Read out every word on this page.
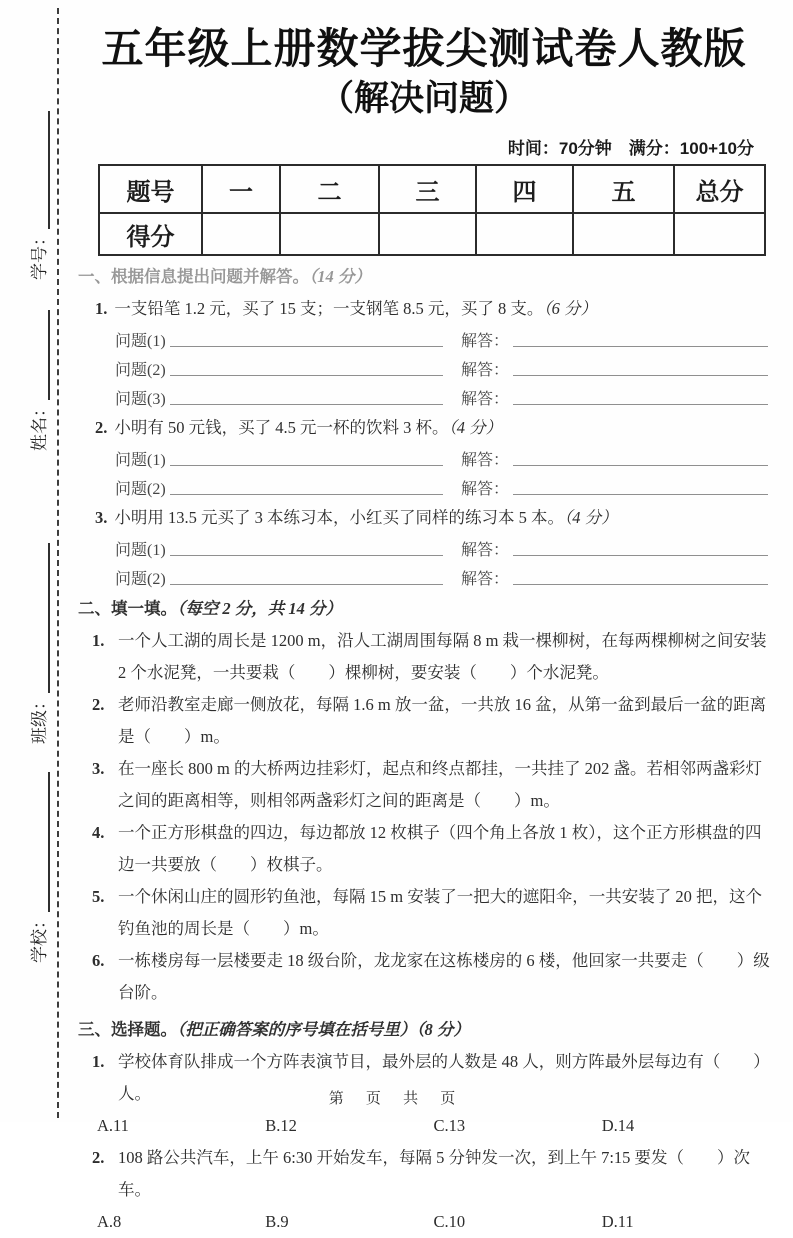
学校：
班级：
姓名：
学号：
五年级上册数学拔尖测试卷人教版
（解决问题）
时间：70分钟　满分：100+10分
题号	一	二	三	四	五	总分
得分						
一、根据信息提出问题并解答。（14 分）
1. 一支铅笔 1.2 元，买了 15 支；一支钢笔 8.5 元，买了 8 支。（6 分）
问题(1)	解答：
问题(2)	解答：
问题(3)	解答：
2. 小明有 50 元钱，买了 4.5 元一杯的饮料 3 杯。（4 分）
问题(1)	解答：
问题(2)	解答：
3. 小明用 13.5 元买了 3 本练习本，小红买了同样的练习本 5 本。（4 分）
问题(1)	解答：
问题(2)	解答：
二、填一填。（每空 2 分，共 14 分）
1. 一个人工湖的周长是 1200 m，沿人工湖周围每隔 8 m 栽一棵柳树，在每两棵柳树之间安装 2 个水泥凳，一共要栽（　　）棵柳树，要安装（　　）个水泥凳。
2. 老师沿教室走廊一侧放花，每隔 1.6 m 放一盆，一共放 16 盆，从第一盆到最后一盆的距离是（　　）m。
3. 在一座长 800 m 的大桥两边挂彩灯，起点和终点都挂，一共挂了 202 盏。若相邻两盏彩灯之间的距离相等，则相邻两盏彩灯之间的距离是（　　）m。
4. 一个正方形棋盘的四边，每边都放 12 枚棋子（四个角上各放 1 枚），这个正方形棋盘的四边一共要放（　　）枚棋子。
5. 一个休闲山庄的圆形钓鱼池，每隔 15 m 安装了一把大的遮阳伞，一共安装了 20 把，这个钓鱼池的周长是（　　）m。
6. 一栋楼房每一层楼要走 18 级台阶，龙龙家在这栋楼房的 6 楼，他回家一共要走（　　）级台阶。
三、选择题。（把正确答案的序号填在括号里）（8 分）
1. 学校体育队排成一个方阵表演节目，最外层的人数是 48 人，则方阵最外层每边有（　　）人。
A.11	B.12	C.13	D.14
2. 108 路公共汽车，上午 6:30 开始发车，每隔 5 分钟发一次，到上午 7:15 要发（　　）次车。
A.8	B.9	C.10	D.11
第 页 共 页
